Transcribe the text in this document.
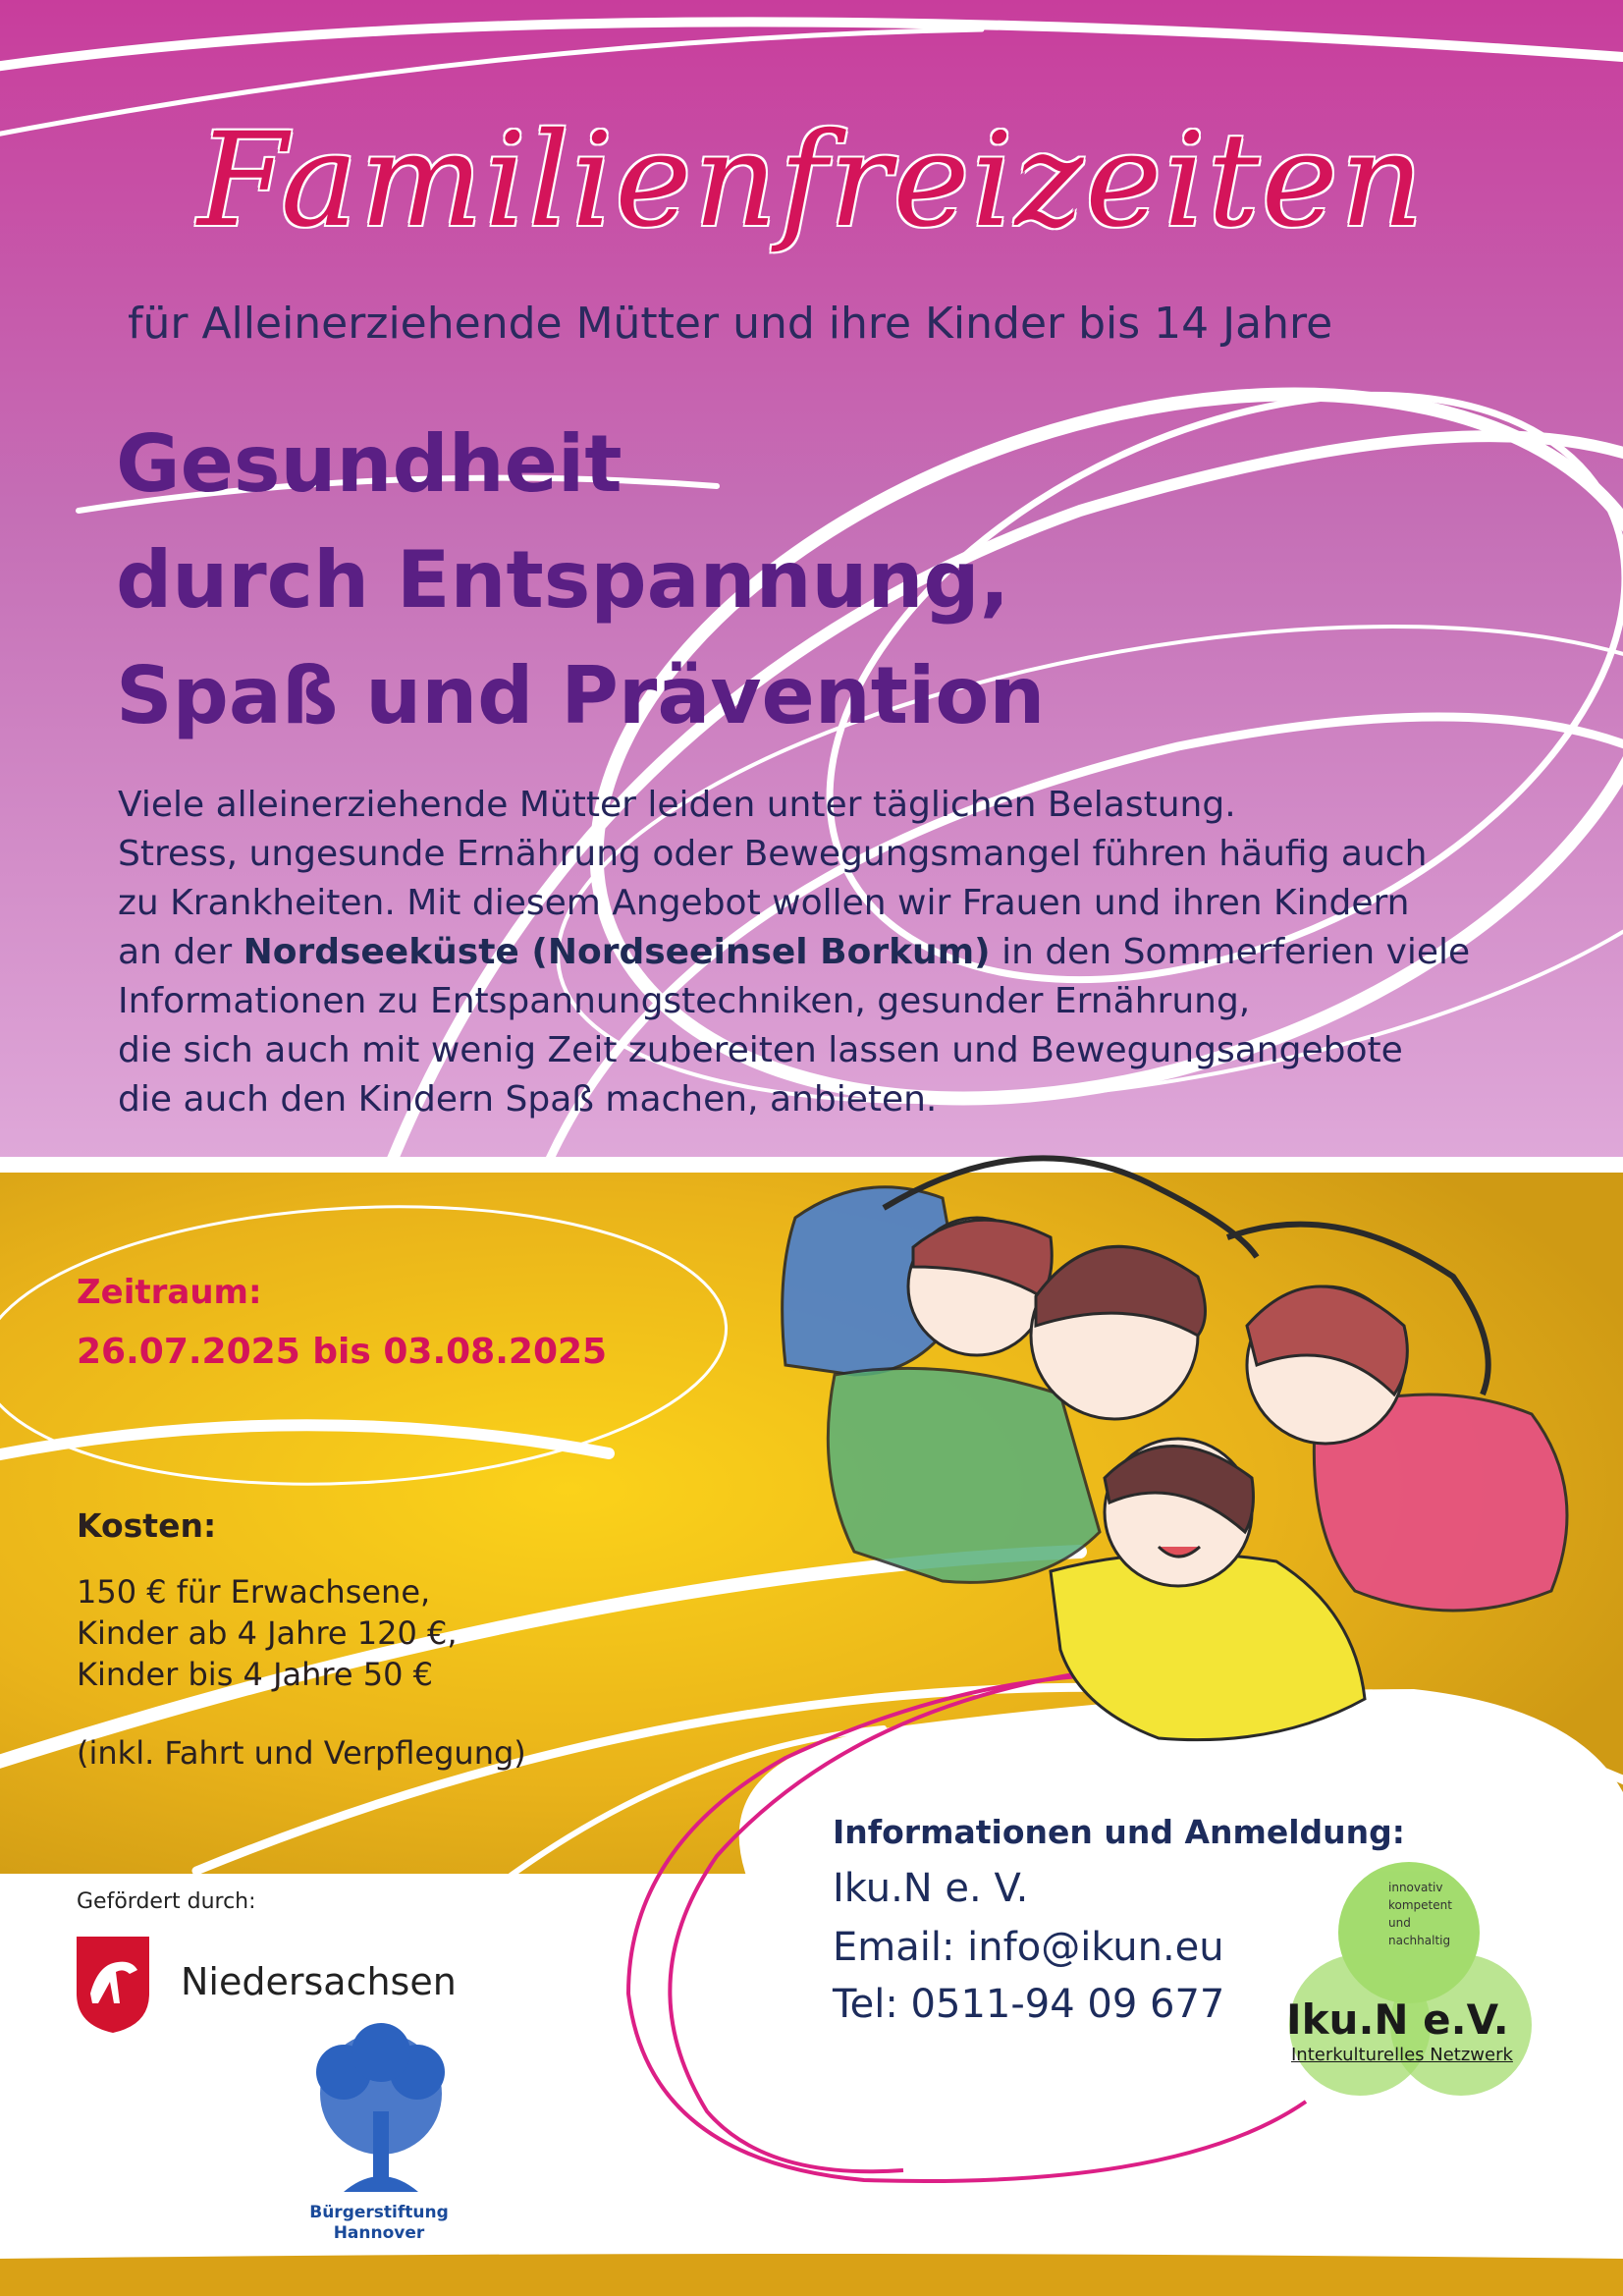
Familienfreizeiten
für Alleinerziehende Mütter und ihre Kinder bis 14 Jahre
Gesundheit
durch Entspannung,
Spaß und Prävention
Viele alleinerziehende Mütter leiden unter täglichen Belastung.
Stress, ungesunde Ernährung oder Bewegungsmangel führen häufig auch
zu Krankheiten. Mit diesem Angebot wollen wir Frauen und ihren Kindern
an der Nordseeküste (Nordseeinsel Borkum) in den Sommerferien viele
Informationen zu Entspannungstechniken, gesunder Ernährung,
die sich auch mit wenig Zeit zubereiten lassen und Bewegungsangebote
die auch den Kindern Spaß machen, anbieten.
Zeitraum:
26.07.2025 bis 03.08.2025
Kosten:
150 € für Erwachsene,
Kinder ab 4 Jahre 120 €,
Kinder bis 4 Jahre 50 €
(inkl. Fahrt und Verpflegung)
Informationen und Anmeldung:
Iku.N e. V.
Email: info@ikun.eu
Tel: 0511-94 09 677
Gefördert durch:
Niedersachsen
Familienbund der Katholiken	Bürgerstiftung
Hannover
innovativ
kompetent
und
nachhaltig
Iku.N e.V.
Interkulturelles Netzwerk
